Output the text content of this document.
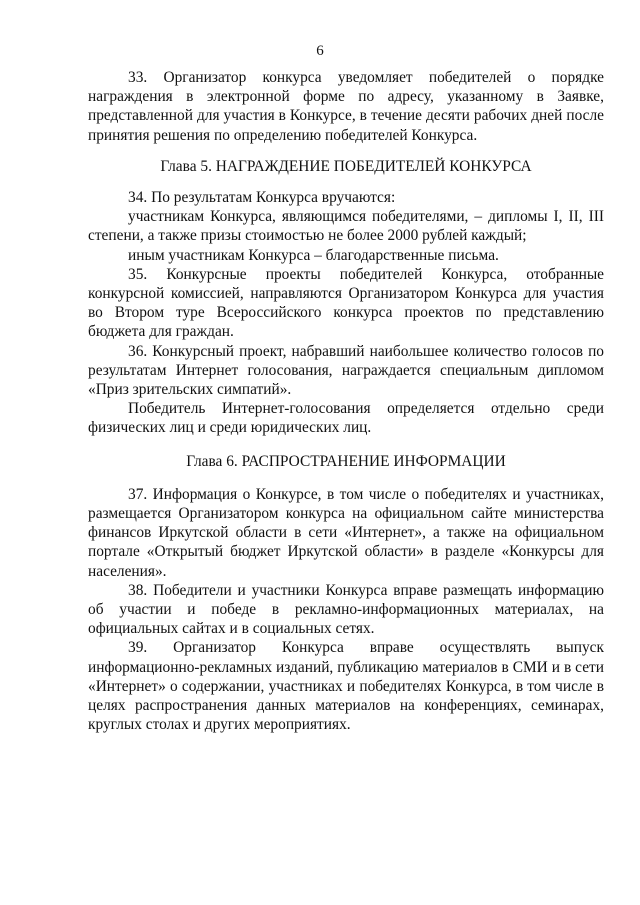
6

33. Организатор конкурса уведомляет победителей о порядке награждения в электронной форме по адресу, указанному в Заявке, представленной для участия в Конкурсе, в течение десяти рабочих дней после принятия решения по определению победителей Конкурса.

Глава 5. НАГРАЖДЕНИЕ ПОБЕДИТЕЛЕЙ КОНКУРСА

34. По результатам Конкурса вручаются:

участникам Конкурса, являющимся победителями, – дипломы I, II, III степени, а также призы стоимостью не более 2000 рублей каждый;

иным участникам Конкурса – благодарственные письма.

35. Конкурсные проекты победителей Конкурса, отобранные конкурсной комиссией, направляются Организатором Конкурса для участия во Втором туре Всероссийского конкурса проектов по представлению бюджета для граждан.

36. Конкурсный проект, набравший наибольшее количество голосов по результатам Интернет голосования, награждается специальным дипломом «Приз зрительских симпатий».

Победитель Интернет-голосования определяется отдельно среди физических лиц и среди юридических лиц.

Глава 6. РАСПРОСТРАНЕНИЕ ИНФОРМАЦИИ

37. Информация о Конкурсе, в том числе о победителях и участниках, размещается Организатором конкурса на официальном сайте министерства финансов Иркутской области в сети «Интернет», а также на официальном портале «Открытый бюджет Иркутской области» в разделе «Конкурсы для населения».

38. Победители и участники Конкурса вправе размещать информацию об участии и победе в рекламно-информационных материалах, на официальных сайтах и в социальных сетях.

39. Организатор Конкурса вправе осуществлять выпуск информационно-рекламных изданий, публикацию материалов в СМИ и в сети «Интернет» о содержании, участниках и победителях Конкурса, в том числе в целях распространения данных материалов на конференциях, семинарах, круглых столах и других мероприятиях.
